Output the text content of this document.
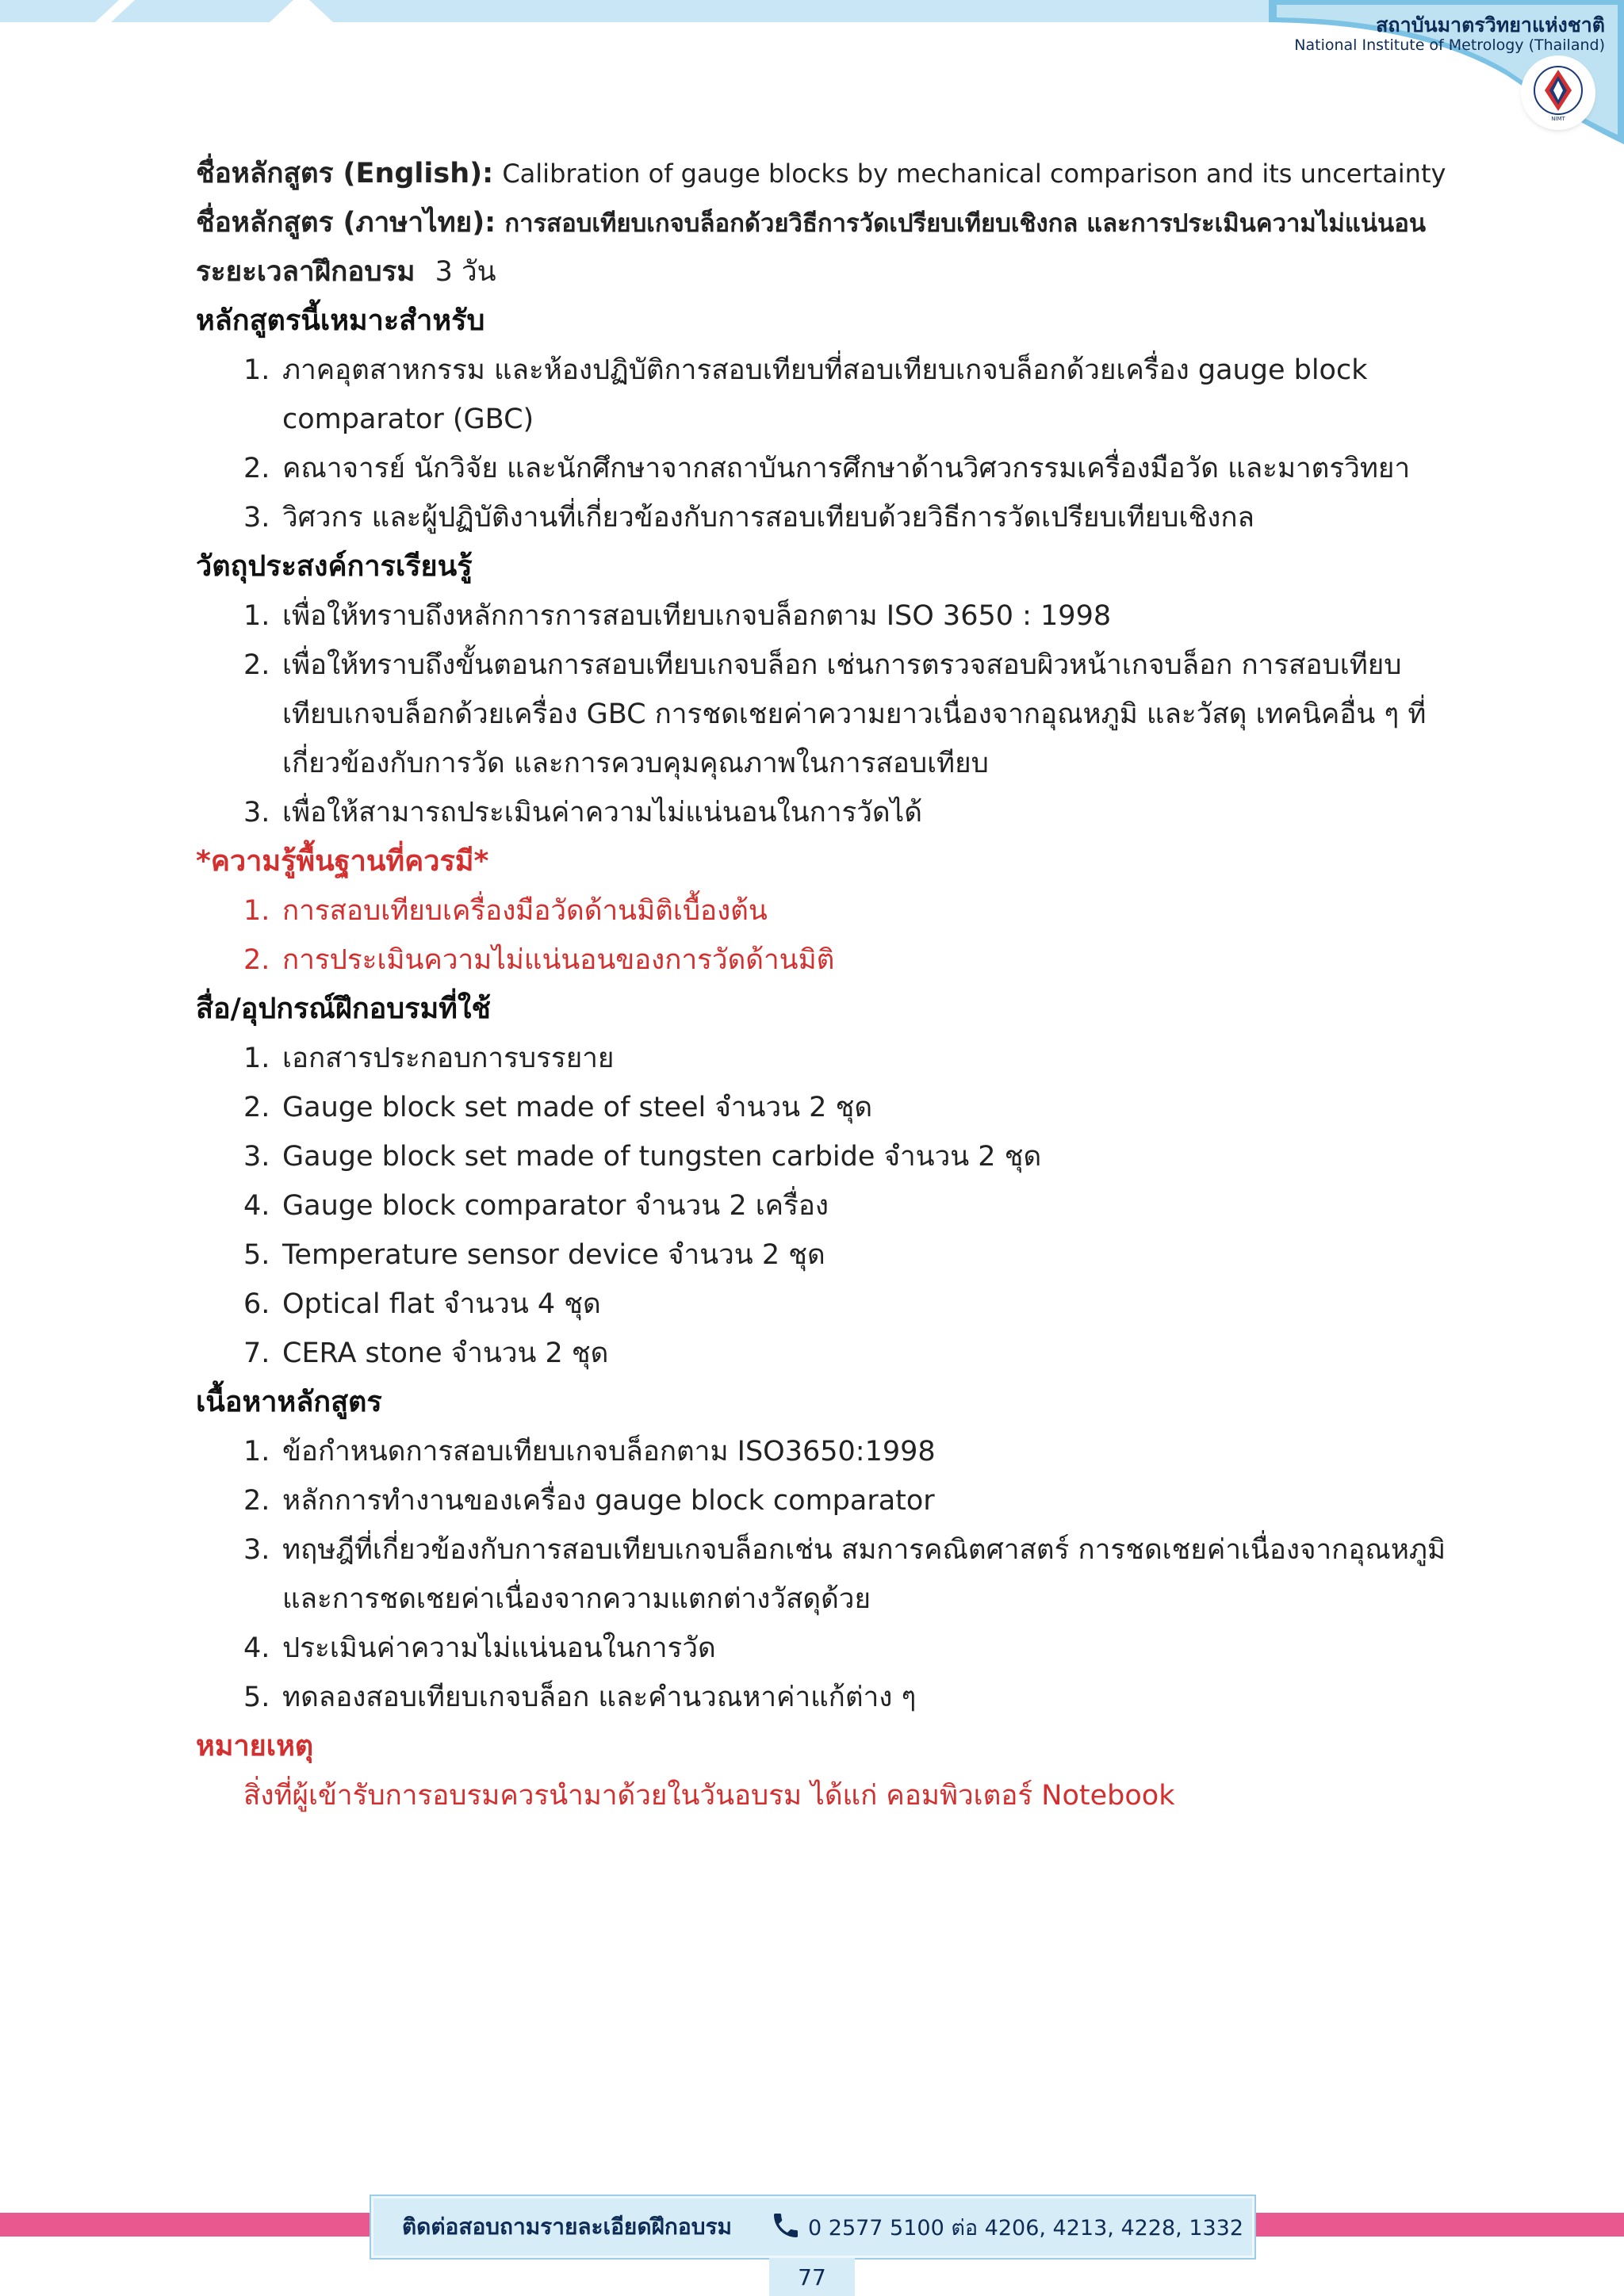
สถาบันมาตรวิทยาแห่งชาติ
National Institute of Metrology (Thailand)
NIMT
ชื่อหลักสูตร (English): Calibration of gauge blocks by mechanical comparison and its uncertainty
ชื่อหลักสูตร (ภาษาไทย): การสอบเทียบเกจบล็อกด้วยวิธีการวัดเปรียบเทียบเชิงกล และการประเมินความไม่แน่นอน
ระยะเวลาฝึกอบรม 3 วัน
หลักสูตรนี้เหมาะสำหรับ
1. ภาคอุตสาหกรรม และห้องปฏิบัติการสอบเทียบที่สอบเทียบเกจบล็อกด้วยเครื่อง gauge block
comparator (GBC)
2. คณาจารย์ นักวิจัย และนักศึกษาจากสถาบันการศึกษาด้านวิศวกรรมเครื่องมือวัด และมาตรวิทยา
3. วิศวกร และผู้ปฏิบัติงานที่เกี่ยวข้องกับการสอบเทียบด้วยวิธีการวัดเปรียบเทียบเชิงกล
วัตถุประสงค์การเรียนรู้
1. เพื่อให้ทราบถึงหลักการการสอบเทียบเกจบล็อกตาม ISO 3650 : 1998
2. เพื่อให้ทราบถึงขั้นตอนการสอบเทียบเกจบล็อก เช่นการตรวจสอบผิวหน้าเกจบล็อก การสอบเทียบ
เทียบเกจบล็อกด้วยเครื่อง GBC การชดเชยค่าความยาวเนื่องจากอุณหภูมิ และวัสดุ เทคนิคอื่น ๆ ที่
เกี่ยวข้องกับการวัด และการควบคุมคุณภาพในการสอบเทียบ
3. เพื่อให้สามารถประเมินค่าความไม่แน่นอนในการวัดได้
*ความรู้พื้นฐานที่ควรมี*
1. การสอบเทียบเครื่องมือวัดด้านมิติเบื้องต้น
2. การประเมินความไม่แน่นอนของการวัดด้านมิติ
สื่อ/อุปกรณ์ฝึกอบรมที่ใช้
1. เอกสารประกอบการบรรยาย
2. Gauge block set made of steel จำนวน 2 ชุด
3. Gauge block set made of tungsten carbide จำนวน 2 ชุด
4. Gauge block comparator จำนวน 2 เครื่อง
5. Temperature sensor device จำนวน 2 ชุด
6. Optical flat จำนวน 4 ชุด
7. CERA stone จำนวน 2 ชุด
เนื้อหาหลักสูตร
1. ข้อกำหนดการสอบเทียบเกจบล็อกตาม ISO3650:1998
2. หลักการทำงานของเครื่อง gauge block comparator
3. ทฤษฎีที่เกี่ยวข้องกับการสอบเทียบเกจบล็อกเช่น สมการคณิตศาสตร์ การชดเชยค่าเนื่องจากอุณหภูมิ
และการชดเชยค่าเนื่องจากความแตกต่างวัสดุด้วย
4. ประเมินค่าความไม่แน่นอนในการวัด
5. ทดลองสอบเทียบเกจบล็อก และคำนวณหาค่าแก้ต่าง ๆ
หมายเหตุ
สิ่งที่ผู้เข้ารับการอบรมควรนำมาด้วยในวันอบรม ได้แก่ คอมพิวเตอร์ Notebook
ติดต่อสอบถามรายละเอียดฝึกอบรม	0 2577 5100 ต่อ 4206, 4213, 4228, 1332
77
